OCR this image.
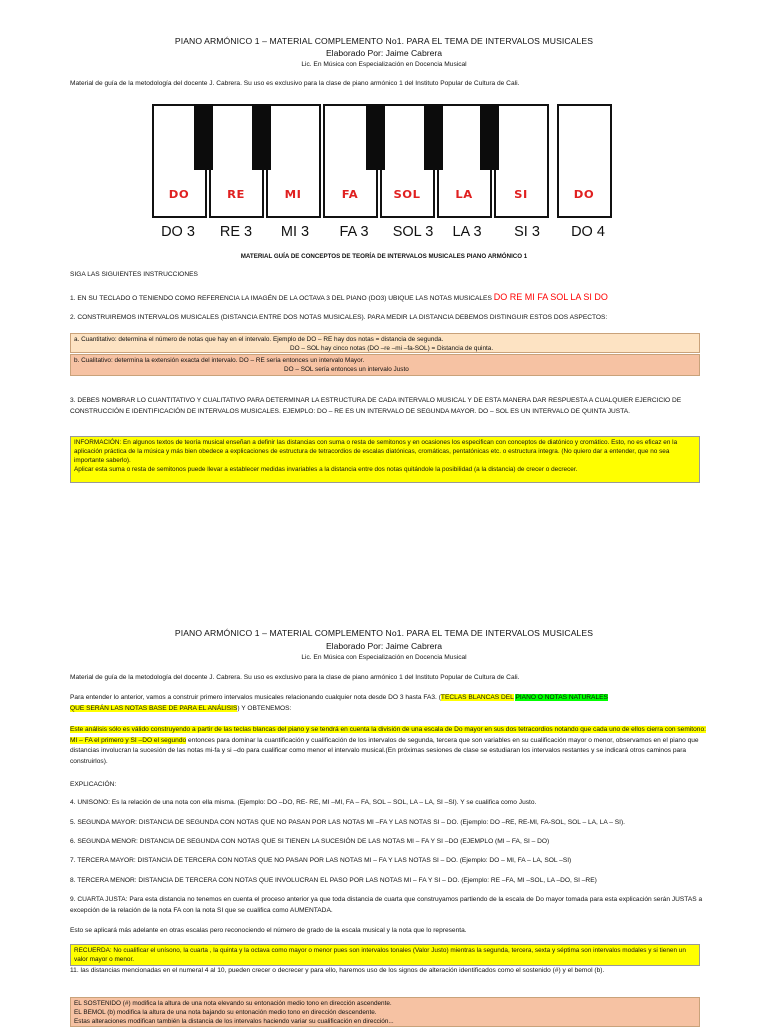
PIANO ARMÓNICO 1 – MATERIAL COMPLEMENTO No1. PARA EL TEMA DE INTERVALOS MUSICALES
Elaborado Por: Jaime Cabrera
Lic. En Música con Especialización en Docencia Musical
Material de guía de la metodología del docente J. Cabrera. Su uso es exclusivo para la clase de piano armónico 1 del Instituto Popular de Cultura de Cali.
DO	RE	MI	FA	SOL	LA	SI	DO
DO 3	RE 3	MI 3	FA 3	SOL 3	LA 3	SI 3	DO 4
MATERIAL GUÍA DE CONCEPTOS DE TEORÍA DE INTERVALOS MUSICALES PIANO ARMÓNICO 1
SIGA LAS SIGUIENTES INSTRUCCIONES
1. EN SU TECLADO O TENIENDO COMO REFERENCIA LA IMAGÉN DE LA OCTAVA 3 DEL PIANO (DO3) UBIQUE LAS NOTAS MUSICALES DO RE MI FA SOL LA SI DO
2. CONSTRUIREMOS INTERVALOS MUSICALES (DISTANCIA ENTRE DOS NOTAS MUSICALES). PARA MEDIR LA DISTANCIA DEBEMOS DISTINGUIR ESTOS DOS ASPECTOS:
a. Cuantitativo: determina el número de notas que hay en el intervalo. Ejemplo de DO – RE hay dos notas = distancia de segunda.
DO – SOL hay cinco notas (DO –re –mi –fa-SOL) = Distancia de quinta.
b. Cualitativo: determina la extensión exacta del intervalo. DO – RE sería entonces un intervalo Mayor.
DO – SOL sería entonces un intervalo Justo
3. DEBES NOMBRAR LO CUANTITATIVO Y CUALITATIVO PARA DETERMINAR LA ESTRUCTURA DE CADA INTERVALO MUSICAL Y DE ESTA MANERA DAR RESPUESTA A CUALQUIER EJERCICIO DE CONSTRUCCIÓN E IDENTIFICACIÓN DE INTERVALOS MUSICALES. EJEMPLO: DO – RE ES UN INTERVALO DE SEGUNDA MAYOR. DO – SOL ES UN INTERVALO DE QUINTA JUSTA.
INFORMACIÓN: En algunos textos de teoría musical enseñan a definir las distancias con suma o resta de semitonos y en ocasiones los especifican con conceptos de diatónico y cromático. Esto, no es eficaz en la aplicación práctica de la música y más bien obedece a explicaciones de estructura de tetracordios de escalas diatónicas, cromáticas, pentatónicas etc. o estructura integra. (No quiero dar a entender, que no sea importante saberlo).
Aplicar esta suma o resta de semitonos puede llevar a establecer medidas invariables a la distancia entre dos notas quitándole la posibilidad (a la distancia) de crecer o decrecer.
PIANO ARMÓNICO 1 – MATERIAL COMPLEMENTO No1. PARA EL TEMA DE INTERVALOS MUSICALES
Elaborado Por: Jaime Cabrera
Lic. En Música con Especialización en Docencia Musical
Material de guía de la metodología del docente J. Cabrera. Su uso es exclusivo para la clase de piano armónico 1 del Instituto Popular de Cultura de Cali.
Para entender lo anterior, vamos a construir primero intervalos musicales relacionando cualquier nota desde DO 3 hasta FA3. (TECLAS BLANCAS DEL PIANO O NOTAS NATURALES
QUE SERÁN LAS NOTAS BASE DE PARA EL ANÁLISIS) Y OBTENEMOS:
Este análisis sólo es válido construyendo a partir de las teclas blancas del piano y se tendrá en cuenta la división de una escala de Do mayor en sus dos tetracordios notando que cada uno de ellos cierra con semitono: MI – FA el primero y SI –DO el segundo entonces para dominar la cuantificación y cualificación de los intervalos de segunda, tercera que son variables en su cualificación mayor o menor, observamos en el piano que distancias involucran la sucesión de las notas mi-fa y si –do para cualificar como menor el intervalo musical.(En próximas sesiones de clase se estudiaran los intervalos restantes y se indicará otros caminos para construirlos).
EXPLICACIÓN:
4. UNISONO: Es la relación de una nota con ella misma. (Ejemplo: DO –DO, RE- RE, MI –MI, FA – FA, SOL – SOL, LA – LA, SI –SI). Y se cualifica como Justo.
5. SEGUNDA MAYOR: DISTANCIA DE SEGUNDA CON NOTAS QUE NO PASAN POR LAS NOTAS MI –FA Y LAS NOTAS SI – DO. (Ejemplo: DO –RE, RE-MI, FA-SOL, SOL – LA, LA – SI).
6. SEGUNDA MENOR: DISTANCIA DE SEGUNDA CON NOTAS QUE SI TIENEN LA SUCESIÓN DE LAS NOTAS MI – FA Y SI –DO (EJEMPLO (MI – FA, SI – DO)
7. TERCERA MAYOR: DISTANCIA DE TERCERA CON NOTAS QUE NO PASAN POR LAS NOTAS MI – FA Y LAS NOTAS SI – DO. (Ejemplo: DO – MI, FA – LA, SOL –SI)
8. TERCERA MENOR: DISTANCIA DE TERCERA CON NOTAS QUE INVOLUCRAN EL PASO POR LAS NOTAS MI – FA Y SI – DO. (Ejemplo: RE –FA, MI –SOL, LA –DO, SI –RE)
9. CUARTA JUSTA: Para esta distancia no tenemos en cuenta el proceso anterior ya que toda distancia de cuarta que construyamos partiendo de la escala de Do mayor tomada para esta explicación serán JUSTAS a excepción de la relación de la nota FA con la nota SI que se cualifica como AUMENTADA.
Esto se aplicará más adelante en otras escalas pero reconociendo el número de grado de la escala musical y la nota que lo representa.
RECUERDA: No cualificar el unísono, la cuarta , la quinta y la octava como mayor o menor pues son intervalos tonales (Valor Justo) mientras la segunda, tercera, sexta y séptima son intervalos modales y si tienen un valor mayor o menor.
11. las distancias mencionadas en el numeral 4 al 10, pueden crecer o decrecer y para ello, haremos uso de los signos de alteración identificados como el sostenido (#) y el bemol (b).
EL SOSTENIDO (#) modifica la altura de una nota elevando su entonación medio tono en dirección ascendente.
EL BEMOL (b) modifica la altura de una nota bajando su entonación medio tono en dirección descendente.
Estas alteraciones modifican también la distancia de los intervalos haciendo variar su cualificación en dirección...
